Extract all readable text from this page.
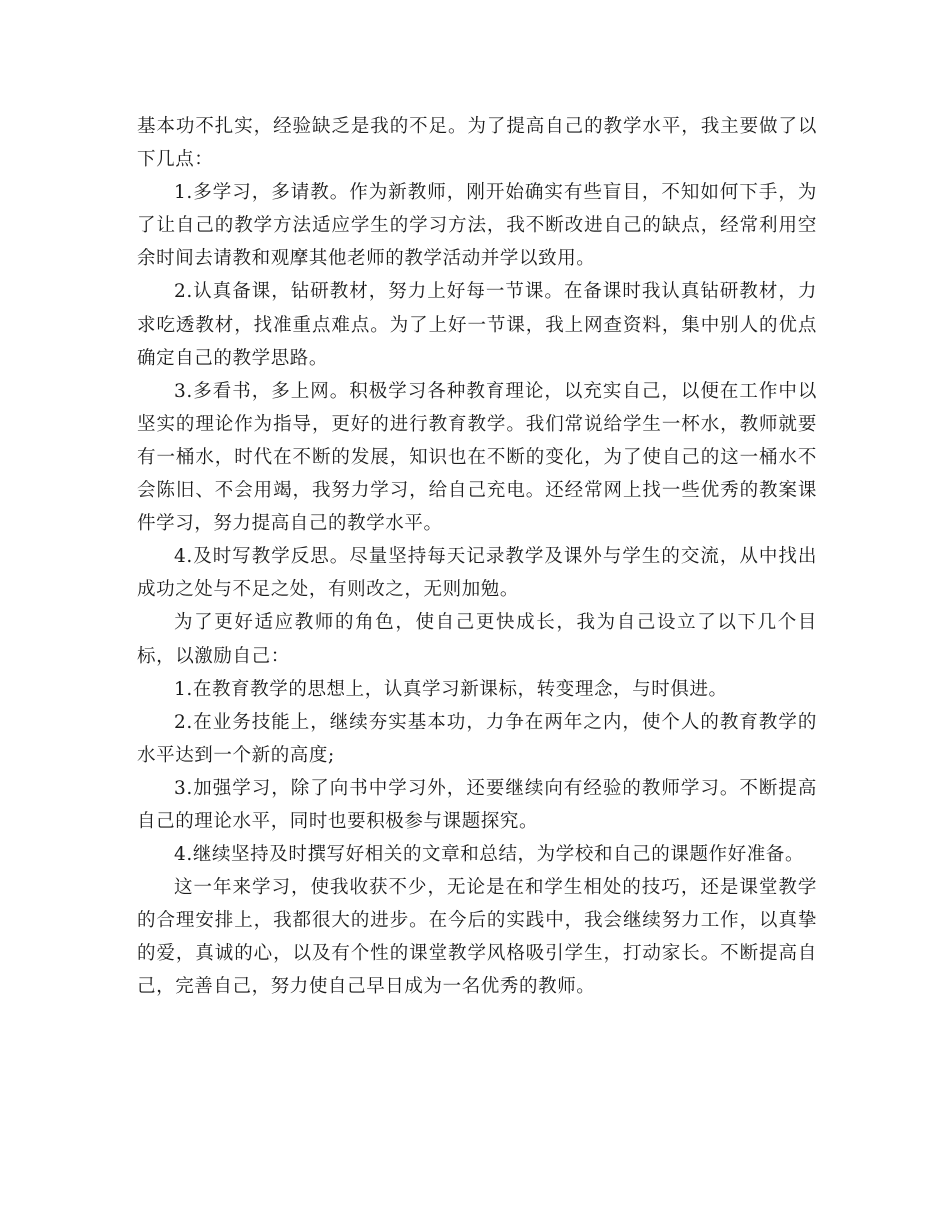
基本功不扎实，经验缺乏是我的不足。为了提高自己的教学水平，我主要做了以下几点：

1.多学习，多请教。作为新教师，刚开始确实有些盲目，不知如何下手，为了让自己的教学方法适应学生的学习方法，我不断改进自己的缺点，经常利用空余时间去请教和观摩其他老师的教学活动并学以致用。

2.认真备课，钻研教材，努力上好每一节课。在备课时我认真钻研教材，力求吃透教材，找准重点难点。为了上好一节课，我上网查资料，集中别人的优点确定自己的教学思路。

3.多看书，多上网。积极学习各种教育理论，以充实自己，以便在工作中以坚实的理论作为指导，更好的进行教育教学。我们常说给学生一杯水，教师就要有一桶水，时代在不断的发展，知识也在不断的变化，为了使自己的这一桶水不会陈旧、不会用竭，我努力学习，给自己充电。还经常网上找一些优秀的教案课件学习，努力提高自己的教学水平。

4.及时写教学反思。尽量坚持每天记录教学及课外与学生的交流，从中找出成功之处与不足之处，有则改之，无则加勉。

为了更好适应教师的角色，使自己更快成长，我为自己设立了以下几个目标，以激励自己：

1.在教育教学的思想上，认真学习新课标，转变理念，与时俱进。

2.在业务技能上，继续夯实基本功，力争在两年之内，使个人的教育教学的水平达到一个新的高度;

3.加强学习，除了向书中学习外，还要继续向有经验的教师学习。不断提高自己的理论水平，同时也要积极参与课题探究。

4.继续坚持及时撰写好相关的文章和总结，为学校和自己的课题作好准备。

这一年来学习，使我收获不少，无论是在和学生相处的技巧，还是课堂教学的合理安排上，我都很大的进步。在今后的实践中，我会继续努力工作，以真挚的爱，真诚的心，以及有个性的课堂教学风格吸引学生，打动家长。不断提高自己，完善自己，努力使自己早日成为一名优秀的教师。
